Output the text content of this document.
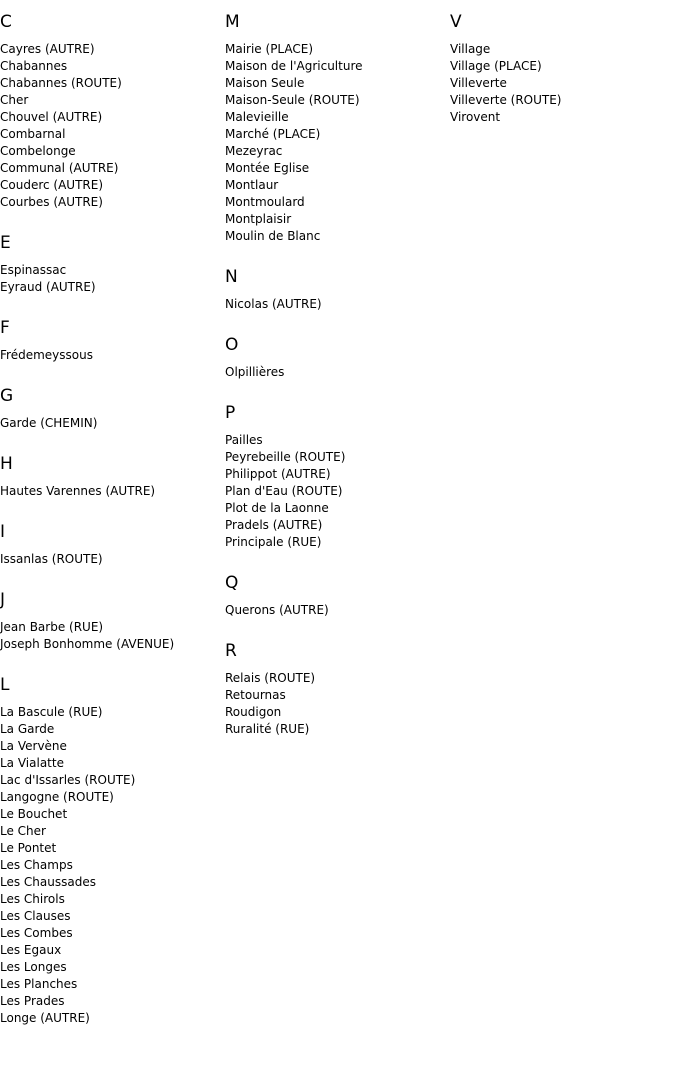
C
Cayres (AUTRE)
Chabannes
Chabannes (ROUTE)
Cher
Chouvel (AUTRE)
Combarnal
Combelonge
Communal (AUTRE)
Couderc (AUTRE)
Courbes (AUTRE)
E
Espinassac
Eyraud (AUTRE)
F
Frédemeyssous
G
Garde (CHEMIN)
H
Hautes Varennes (AUTRE)
I
Issanlas (ROUTE)
J
Jean Barbe (RUE)
Joseph Bonhomme (AVENUE)
L
La Bascule (RUE)
La Garde
La Vervène
La Vialatte
Lac d'Issarles (ROUTE)
Langogne (ROUTE)
Le Bouchet
Le Cher
Le Pontet
Les Champs
Les Chaussades
Les Chirols
Les Clauses
Les Combes
Les Egaux
Les Longes
Les Planches
Les Prades
Longe (AUTRE)
M
Mairie (PLACE)
Maison de l'Agriculture
Maison Seule
Maison-Seule (ROUTE)
Malevieille
Marché (PLACE)
Mezeyrac
Montée Eglise
Montlaur
Montmoulard
Montplaisir
Moulin de Blanc
N
Nicolas (AUTRE)
O
Olpillières
P
Pailles
Peyrebeille (ROUTE)
Philippot (AUTRE)
Plan d'Eau (ROUTE)
Plot de la Laonne
Pradels (AUTRE)
Principale (RUE)
Q
Querons (AUTRE)
R
Relais (ROUTE)
Retournas
Roudigon
Ruralité (RUE)
V
Village
Village (PLACE)
Villeverte
Villeverte (ROUTE)
Virovent
